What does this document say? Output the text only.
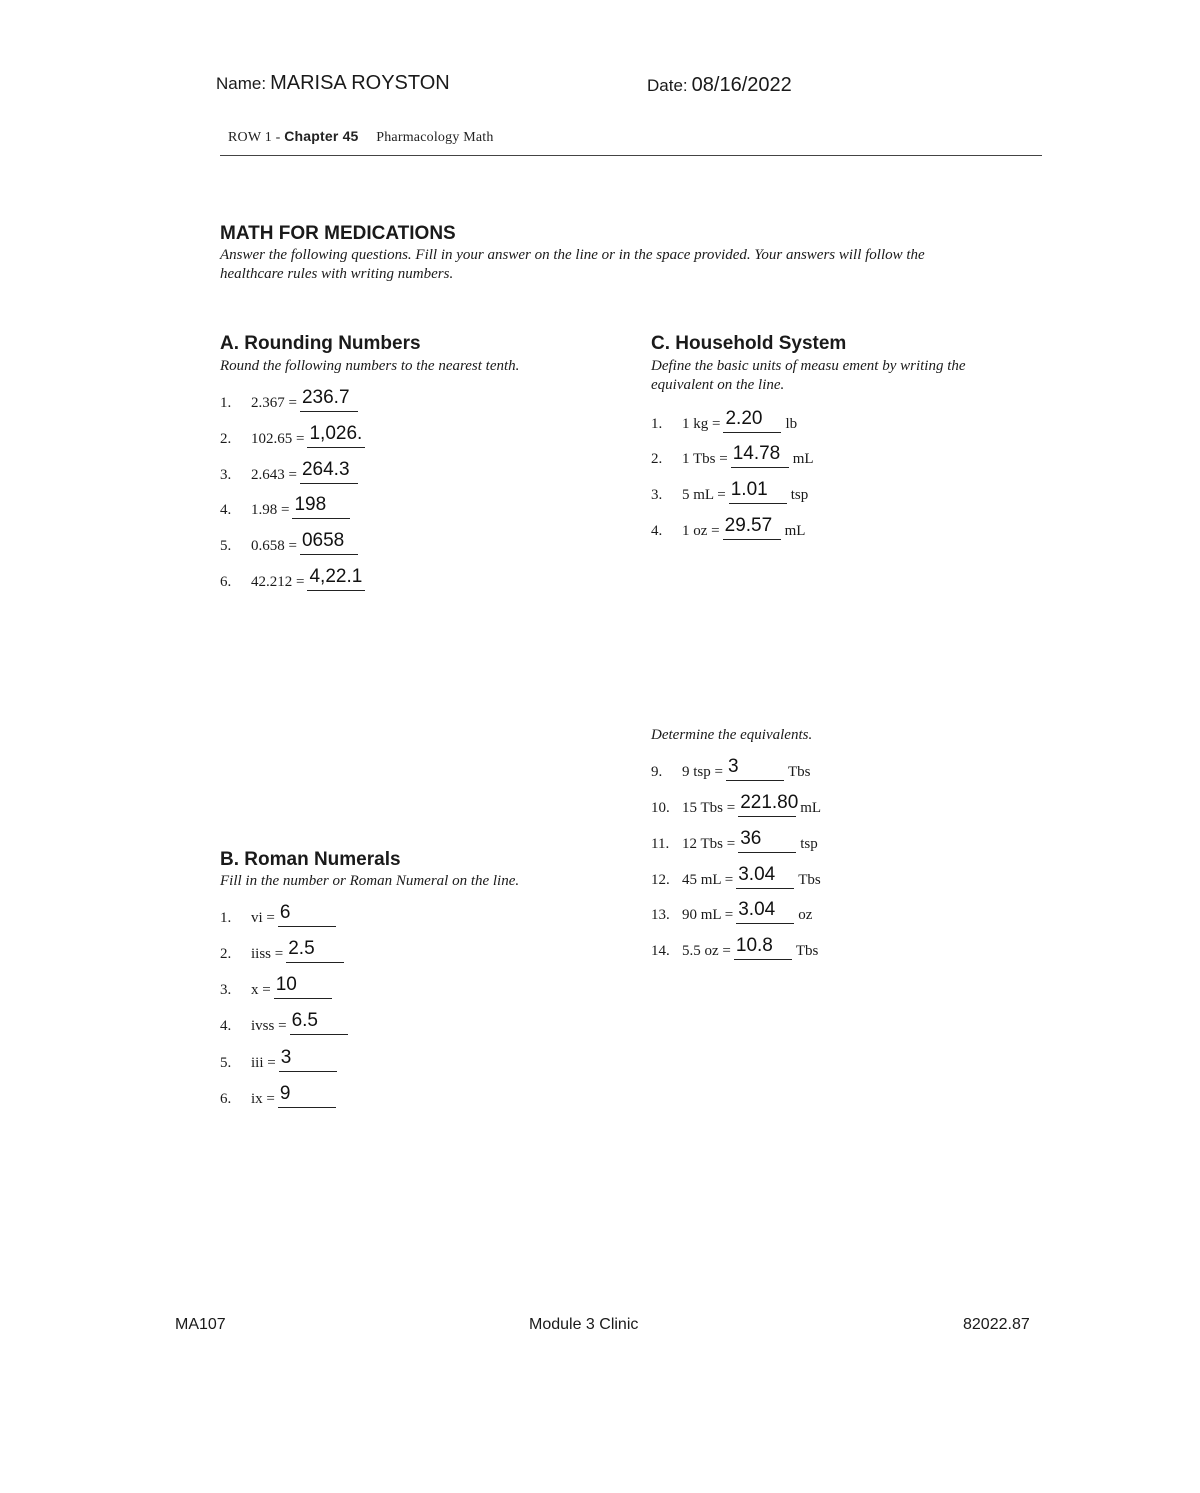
Name: MARISA ROYSTON	Date: 08/16/2022
ROW 1 - Chapter 45 Pharmacology Math
MATH FOR MEDICATIONS
Answer the following questions. Fill in your answer on the line or in the space provided. Your answers will follow the
healthcare rules with writing numbers.
A. Rounding Numbers
Round the following numbers to the nearest tenth.
1.	2.367 = 236.7
2.	102.65 = 1,026.
3.	2.643 = 264.3
4.	1.98 = 198
5.	0.658 = 0658
6.	42.212 = 4,22.1
C. Household System
Define the basic units of measu ement by writing the
equivalent on the line.
1.	1 kg = 2.20 lb
2.	1 Tbs = 14.78 mL
3.	5 mL = 1.01 tsp
4.	1 oz = 29.57 mL
Determine the equivalents.
9.	9 tsp = 3	Tbs
10. 15 Tbs = 221.80 mL
11. 12 Tbs = 36	tsp
12. 45 mL = 3.04 Tbs
13. 90 mL = 3.04 oz
14. 5.5 oz = 10.8 Tbs
B. Roman Numerals
Fill in the number or Roman Numeral on the line.
1.	vi = 6
2.	iiss = 2.5
3.	x = 10
4.	ivss = 6.5
5.	iii = 3
6.	ix = 9
MA107	Module 3 Clinic	82022.87
